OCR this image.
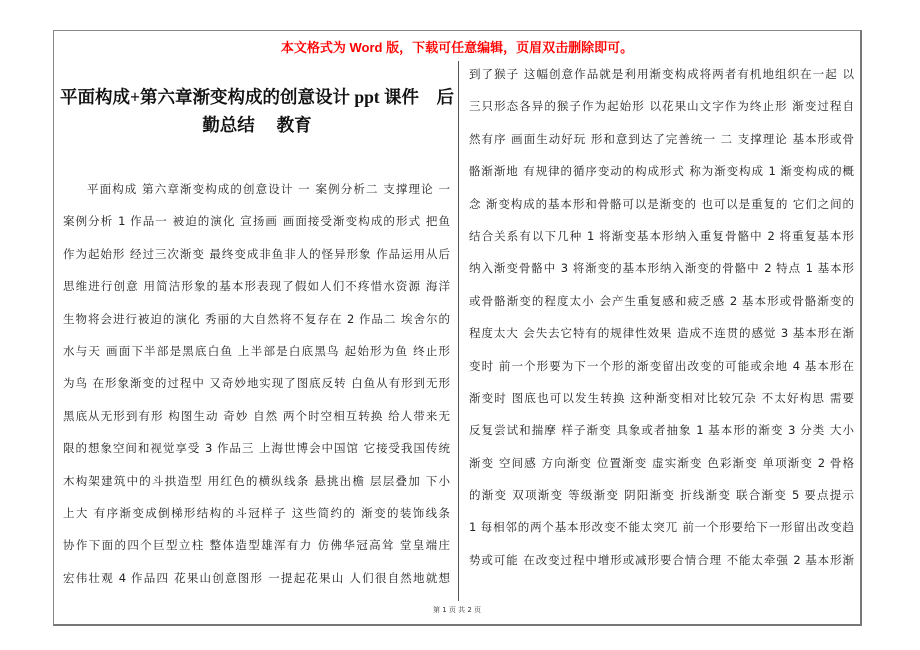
本文格式为 Word 版，下载可任意编辑，页眉双击删除即可。
平面构成+第六章渐变构成的创意设计 ppt 课件　后
勤总结　 教育
平面构成 第六章渐变构成的创意设计 一 案例分析二 支撑理论 一
案例分析 1 作品一 被迫的演化 宣扬画 画面接受渐变构成的形式 把鱼
作为起始形 经过三次渐变 最终变成非鱼非人的怪异形象 作品运用从后
思维进行创意 用简洁形象的基本形表现了假如人们不疼惜水资源 海洋
生物将会进行被迫的演化 秀丽的大自然将不复存在 2 作品二 埃舍尔的
水与天 画面下半部是黑底白鱼 上半部是白底黑鸟 起始形为鱼 终止形
为鸟 在形象渐变的过程中 又奇妙地实现了图底反转 白鱼从有形到无形
黑底从无形到有形 构图生动 奇妙 自然 两个时空相互转换 给人带来无
限的想象空间和视觉享受 3 作品三 上海世博会中国馆 它接受我国传统
木构架建筑中的斗拱造型 用红色的横纵线条 悬挑出檐 层层叠加 下小
上大 有序渐变成倒梯形结构的斗冠样子 这些简约的 渐变的装饰线条
协作下面的四个巨型立柱 整体造型雄浑有力 仿佛华冠高耸 堂皇端庄
宏伟壮观 4 作品四 花果山创意图形 一提起花果山 人们很自然地就想
到了猴子 这幅创意作品就是利用渐变构成将两者有机地组织在一起 以
三只形态各异的猴子作为起始形 以花果山文字作为终止形 渐变过程自
然有序 画面生动好玩 形和意到达了完善统一 二 支撑理论 基本形或骨
骼渐渐地 有规律的循序变动的构成形式 称为渐变构成 1 渐变构成的概
念 渐变构成的基本形和骨骼可以是渐变的 也可以是重复的 它们之间的
结合关系有以下几种 1 将渐变基本形纳入重复骨骼中 2 将重复基本形
纳入渐变骨骼中 3 将渐变的基本形纳入渐变的骨骼中 2 特点 1 基本形
或骨骼渐变的程度太小 会产生重复感和疲乏感 2 基本形或骨骼渐变的
程度太大 会失去它特有的规律性效果 造成不连贯的感觉 3 基本形在渐
变时 前一个形要为下一个形的渐变留出改变的可能或余地 4 基本形在
渐变时 图底也可以发生转换 这种渐变相对比较冗杂 不太好构思 需要
反复尝试和揣摩 样子渐变 具象或者抽象 1 基本形的渐变 3 分类 大小
渐变 空间感 方向渐变 位置渐变 虚实渐变 色彩渐变 单项渐变 2 骨格
的渐变 双项渐变 等级渐变 阴阳渐变 折线渐变 联合渐变 5 要点提示
1 每相邻的两个基本形改变不能太突兀 前一个形要给下一形留出改变趋
势或可能 在改变过程中增形或减形要合情合理 不能太牵强 2 基本形渐
第 1 页 共 2 页
